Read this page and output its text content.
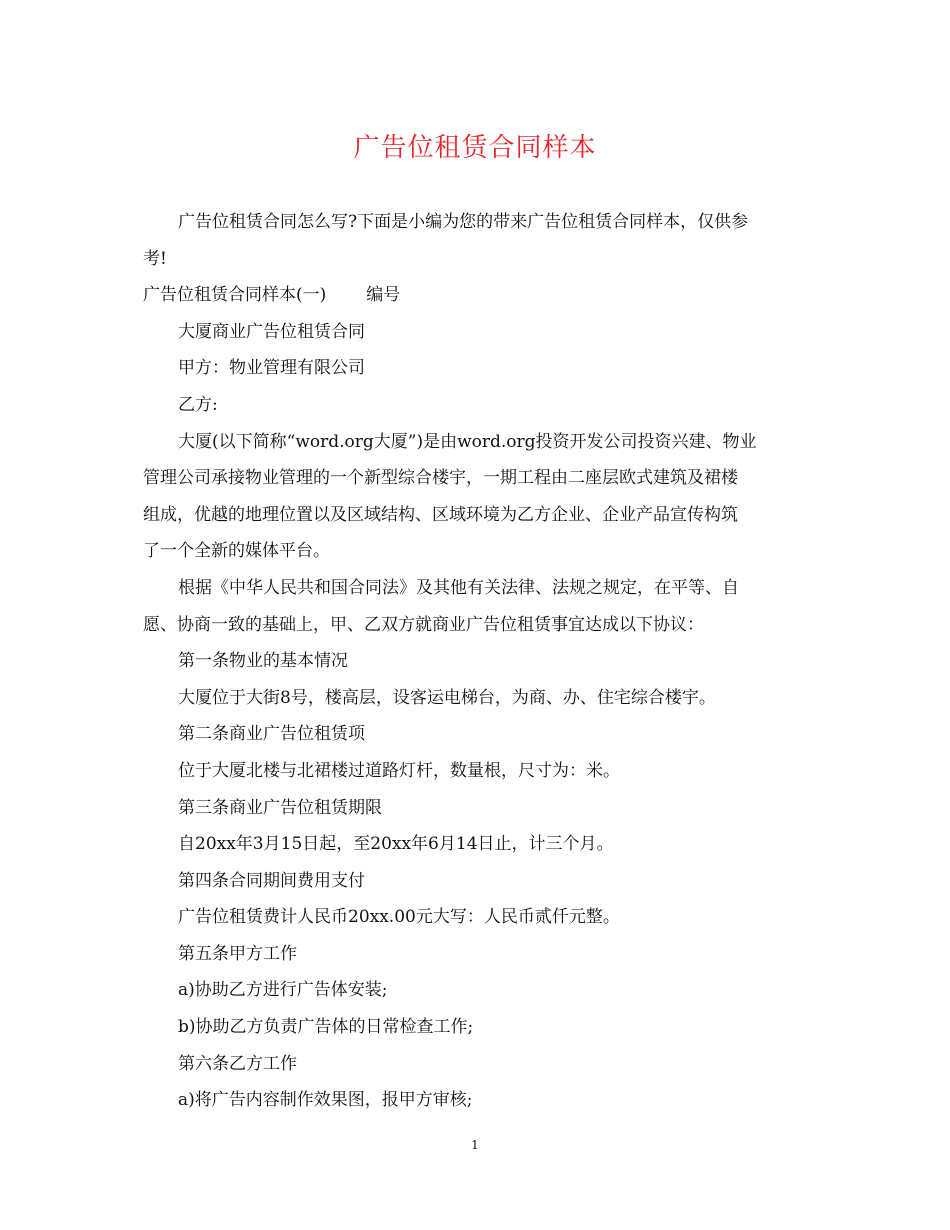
广告位租赁合同样本
广告位租赁合同怎么写?下面是小编为您的带来广告位租赁合同样本，仅供参
考!
广告位租赁合同样本(一) 编号
大厦商业广告位租赁合同
甲方：物业管理有限公司
乙方:
大厦(以下简称“word.org大厦”)是由word.org投资开发公司投资兴建、物业
管理公司承接物业管理的一个新型综合楼宇，一期工程由二座层欧式建筑及裙楼
组成，优越的地理位置以及区域结构、区域环境为乙方企业、企业产品宣传构筑
了一个全新的媒体平台。
根据《中华人民共和国合同法》及其他有关法律、法规之规定，在平等、自
愿、协商一致的基础上，甲、乙双方就商业广告位租赁事宜达成以下协议：
第一条物业的基本情况
大厦位于大街8号，楼高层，设客运电梯台，为商、办、住宅综合楼宇。
第二条商业广告位租赁项
位于大厦北楼与北裙楼过道路灯杆，数量根，尺寸为：米。
第三条商业广告位租赁期限
自20xx年3月15日起，至20xx年6月14日止，计三个月。
第四条合同期间费用支付
广告位租赁费计人民币20xx.00元大写：人民币贰仟元整。
第五条甲方工作
a)协助乙方进行广告体安装;
b)协助乙方负责广告体的日常检查工作;
第六条乙方工作
a)将广告内容制作效果图，报甲方审核;
1
